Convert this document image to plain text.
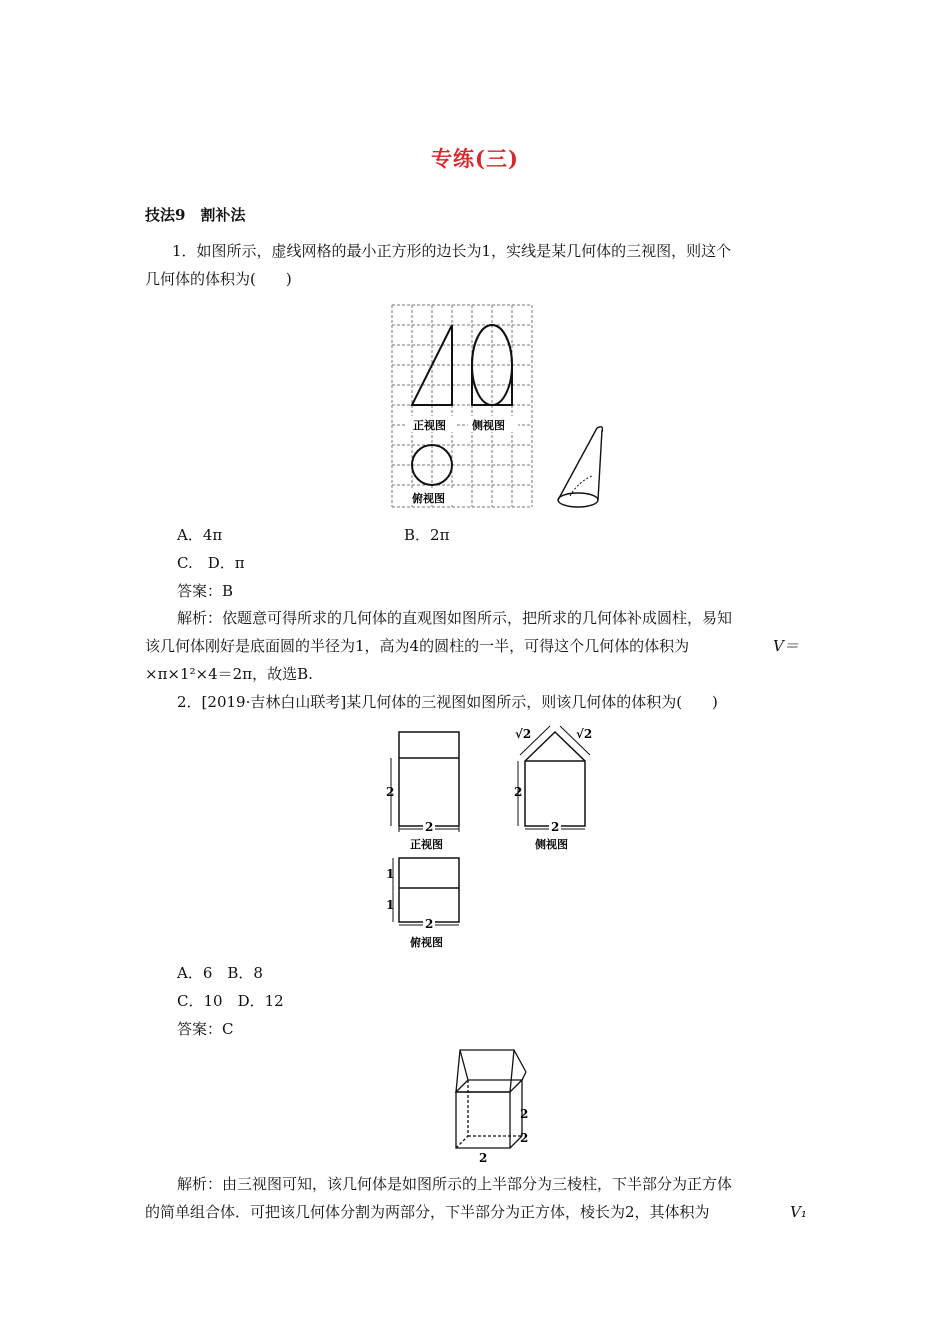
专练(三)
技法9　割补法
1．如图所示，虚线网格的最小正方形的边长为1，实线是某几何体的三视图，则这个
几何体的体积为(　　)
正视图 侧视图
俯视图
A．4π	B．2π
C.　D．π
答案：B
解析：依题意可得所求的几何体的直观图如图所示，把所求的几何体补成圆柱，易知
该几何体刚好是底面圆的半径为1，高为4的圆柱的一半，可得这个几何体的体积为	V＝
×π×1²×4＝2π，故选B.
2．[2019·吉林白山联考]某几何体的三视图如图所示，则该几何体的体积为(　　)
2
2
正视图
2
2
√2	√2
侧视图
1
1
2
俯视图
A．6　B．8
C．10　D．12
答案：C
2
2
2
解析：由三视图可知，该几何体是如图所示的上半部分为三棱柱，下半部分为正方体
的简单组合体．可把该几何体分割为两部分，下半部分为正方体，棱长为2，其体积为	V₁
